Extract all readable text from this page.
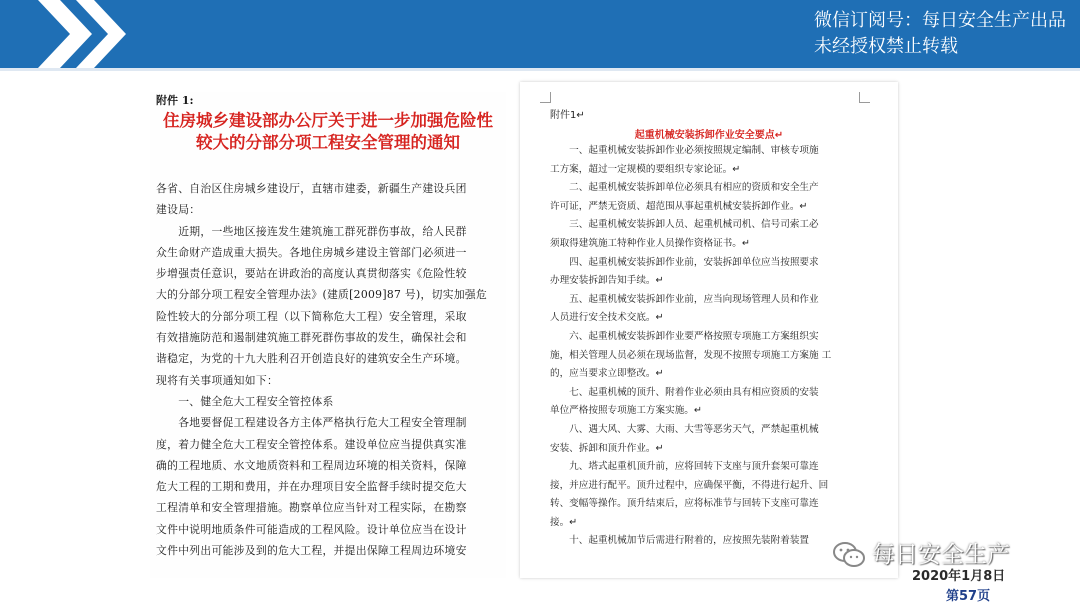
微信订阅号：每日安全生产出品
未经授权禁止转载
附件 1:
住房城乡建设部办公厅关于进一步加强危险性
较大的分部分项工程安全管理的通知
各省、自治区住房城乡建设厅，直辖市建委，新疆生产建设兵团
建设局：
　　近期，一些地区接连发生建筑施工群死群伤事故，给人民群
众生命财产造成重大损失。各地住房城乡建设主管部门必须进一
步增强责任意识，要站在讲政治的高度认真贯彻落实《危险性较
大的分部分项工程安全管理办法》(建质[2009]87 号)，切实加强危
险性较大的分部分项工程（以下简称危大工程）安全管理，采取
有效措施防范和遏制建筑施工群死群伤事故的发生，确保社会和
谐稳定，为党的十九大胜利召开创造良好的建筑安全生产环境。
现将有关事项通知如下：
　　一、健全危大工程安全管控体系
　　各地要督促工程建设各方主体严格执行危大工程安全管理制
度，着力健全危大工程安全管控体系。建设单位应当提供真实准
确的工程地质、水文地质资料和工程周边环境的相关资料，保障
危大工程的工期和费用，并在办理项目安全监督手续时提交危大
工程清单和安全管理措施。勘察单位应当针对工程实际，在勘察
文件中说明地质条件可能造成的工程风险。设计单位应当在设计
文件中列出可能涉及到的危大工程，并提出保障工程周边环境安
附件1↵
起重机械安装拆卸作业安全要点↵
　　一、起重机械安装拆卸作业必须按照规定编制、审核专项施
工方案，超过一定规模的要组织专家论证。↵
　　二、起重机械安装拆卸单位必须具有相应的资质和安全生产
许可证，严禁无资质、超范围从事起重机械安装拆卸作业。↵
　　三、起重机械安装拆卸人员、起重机械司机、信号司索工必
须取得建筑施工特种作业人员操作资格证书。↵
　　四、起重机械安装拆卸作业前，安装拆卸单位应当按照要求
办理安装拆卸告知手续。↵
　　五、起重机械安装拆卸作业前，应当向现场管理人员和作业
人员进行安全技术交底。↵
　　六、起重机械安装拆卸作业要严格按照专项施工方案组织实
施，相关管理人员必须在现场监督，发现不按照专项施工方案施 工
的，应当要求立即整改。↵
　　七、起重机械的顶升、附着作业必须由具有相应资质的安装
单位严格按照专项施工方案实施。↵
　　八、遇大风、大雾、大雨、大雪等恶劣天气，严禁起重机械
安装、拆卸和顶升作业。↵
　　九、塔式起重机顶升前，应将回转下支座与顶升套架可靠连
接，并应进行配平。顶升过程中，应确保平衡，不得进行起升、回
转、变幅等操作。顶升结束后，应将标准节与回转下支座可靠连
接。↵
　　十、起重机械加节后需进行附着的，应按照先装附着装置
每日安全生产
2020年1月8日
第57页
